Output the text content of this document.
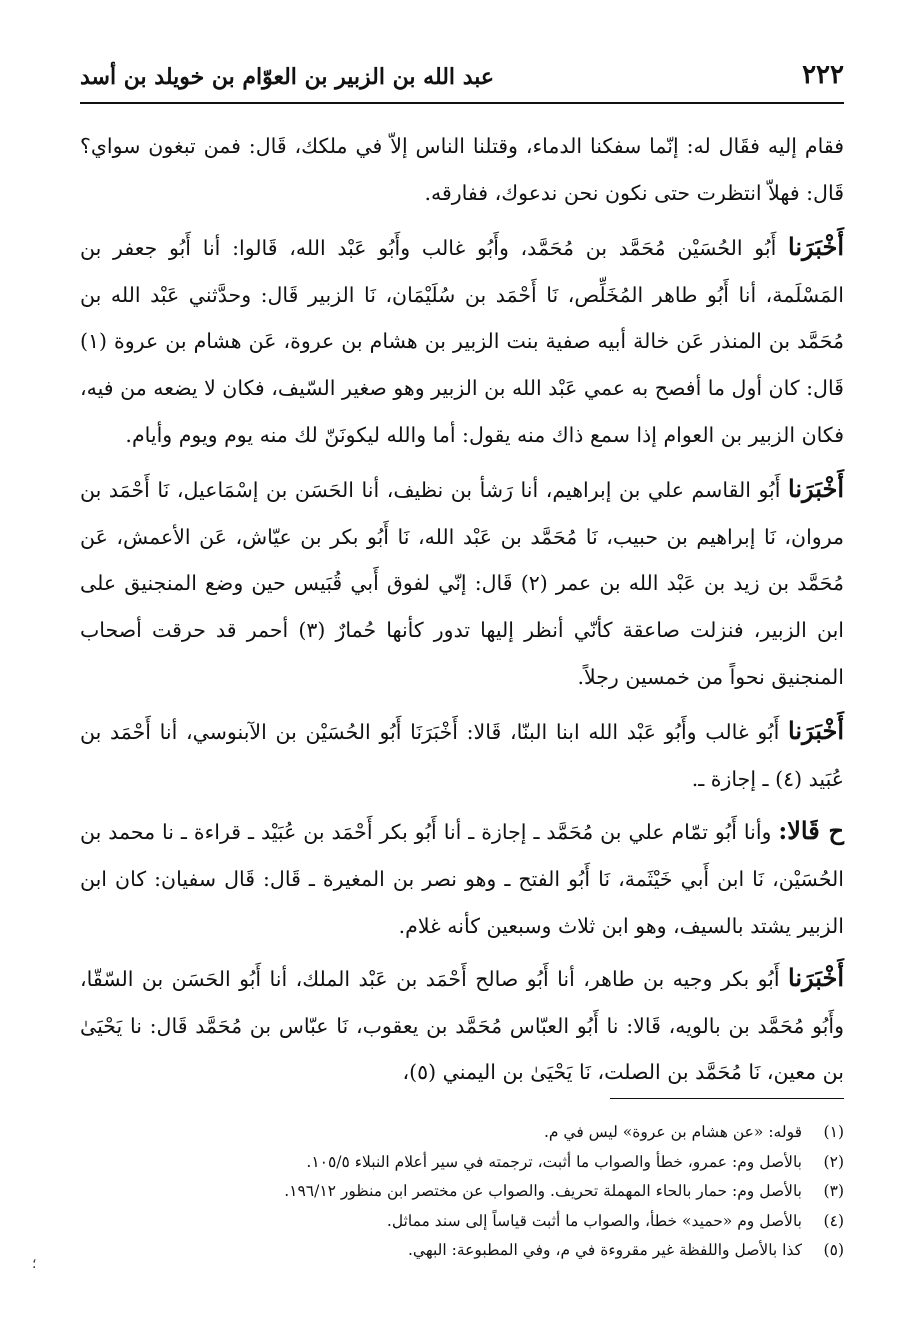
٢٢٢
عبد الله بن الزبير بن العوّام بن خويلد بن أسد

فقام إليه فقَال له: إنّما سفكنا الدماء، وقتلنا الناس إلاّ في ملكك، قَال: فمن تبغون سواي؟ قَال: فهلاّ انتظرت حتى نكون نحن ندعوك، ففارقه.

أَخْبَرَنا أَبُو الحُسَيْن مُحَمَّد بن مُحَمَّد، وأَبُو غالب وأَبُو عَبْد الله، قَالوا: أنا أَبُو جعفر بن المَسْلَمة، أنا أَبُو طاهر المُخَلِّص، نَا أَحْمَد بن سُلَيْمَان، نَا الزبير قَال: وحدَّثني عَبْد الله بن مُحَمَّد بن المنذر عَن خالة أبيه صفية بنت الزبير بن هشام بن عروة، عَن هشام بن عروة (١) قَال: كان أول ما أفصح به عمي عَبْد الله بن الزبير وهو صغير السّيف، فكان لا يضعه من فيه، فكان الزبير بن العوام إذا سمع ذاك منه يقول: أما والله ليكونَنّ لك منه يوم ويوم وأيام.

أَخْبَرَنا أَبُو القاسم علي بن إبراهيم، أنا رَشأ بن نظيف، أنا الحَسَن بن إسْمَاعيل، نَا أَحْمَد بن مروان، نَا إبراهيم بن حبيب، نَا مُحَمَّد بن عَبْد الله، نَا أَبُو بكر بن عيّاش، عَن الأعمش، عَن مُحَمَّد بن زيد بن عَبْد الله بن عمر (٢) قَال: إنّي لفوق أَبي قُبَيس حين وضع المنجنيق على ابن الزبير، فنزلت صاعقة كأنّي أنظر إليها تدور كأنها حُمارٌ (٣) أحمر قد حرقت أصحاب المنجنيق نحواً من خمسين رجلاً.

أَخْبَرَنا أَبُو غالب وأَبُو عَبْد الله ابنا البنّا، قَالا: أَخْبَرَنَا أَبُو الحُسَيْن بن الآبنوسي، أنا أَحْمَد بن عُبَيد (٤) ـ إجازة ـ.

ح قَالا: وأنا أَبُو تمّام علي بن مُحَمَّد ـ إجازة ـ أنا أَبُو بكر أَحْمَد بن عُبَيْد ـ قراءة ـ نا محمد بن الحُسَيْن، نَا ابن أَبي خَيْثَمة، نَا أَبُو الفتح ـ وهو نصر بن المغيرة ـ قَال: قَال سفيان: كان ابن الزبير يشتد بالسيف، وهو ابن ثلاث وسبعين كأنه غلام.

أَخْبَرَنا أَبُو بكر وجيه بن طاهر، أنا أَبُو صالح أَحْمَد بن عَبْد الملك، أنا أَبُو الحَسَن بن السّقّا، وأَبُو مُحَمَّد بن بالويه، قَالا: نا أَبُو العبّاس مُحَمَّد بن يعقوب، نَا عبّاس بن مُحَمَّد قَال: نا يَحْيَىٰ بن معين، نَا مُحَمَّد بن الصلت، نَا يَحْيَىٰ بن اليمني (٥)،

(١)قوله: «عن هشام بن عروة» ليس في م.
(٢)بالأصل وم: عمرو، خطأ والصواب ما أثبت، ترجمته في سير أعلام النبلاء ١٠٥/٥.
(٣)بالأصل وم: حمار بالحاء المهملة تحريف. والصواب عن مختصر ابن منظور ١٩٦/١٢.
(٤)بالأصل وم «حميد» خطأ، والصواب ما أثبت قياساً إلى سند مماثل.
(٥)كذا بالأصل واللفظة غير مقروءة في م، وفي المطبوعة: البهي.
؛
